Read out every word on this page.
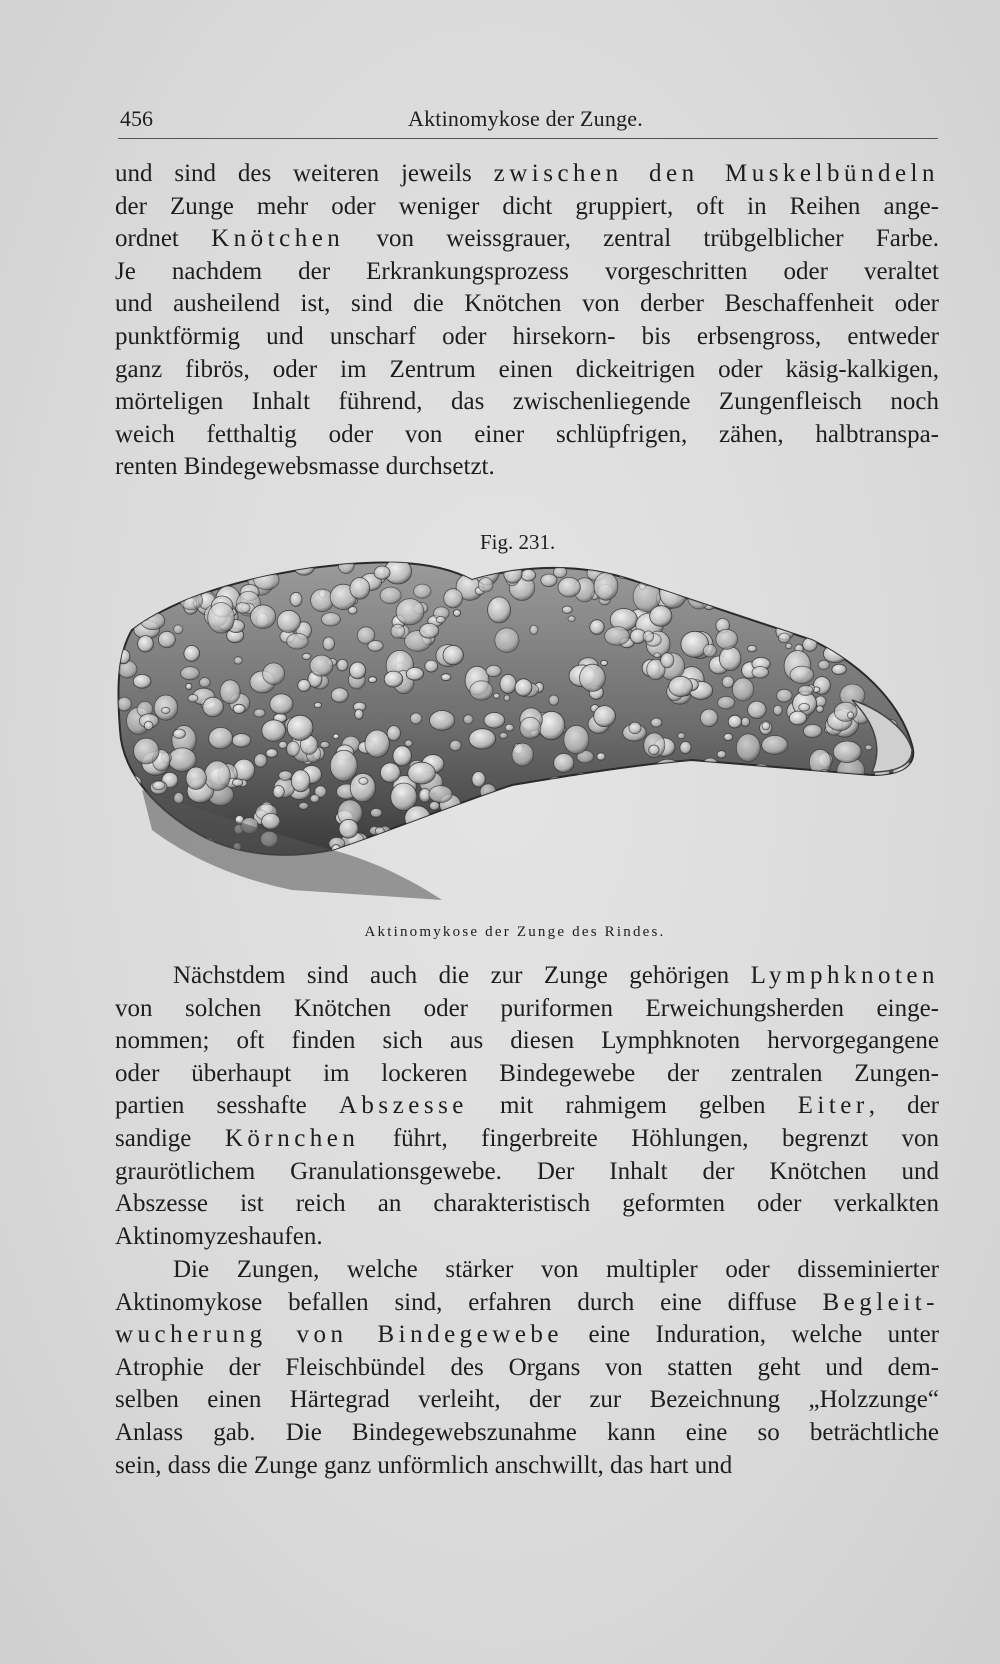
456	Aktinomykose der Zunge.
und sind des weiteren jeweils zwischen den Muskelbündeln
der Zunge mehr oder weniger dicht gruppiert, oft in Reihen ange-
ordnet Knötchen von weissgrauer, zentral trübgelblicher Farbe.
Je nachdem der Erkrankungsprozess vorgeschritten oder veraltet
und ausheilend ist, sind die Knötchen von derber Beschaffenheit oder
punktförmig und unscharf oder hirsekorn- bis erbsengross, entweder
ganz fibrös, oder im Zentrum einen dickeitrigen oder käsig-kalkigen,
mörteligen Inhalt führend, das zwischenliegende Zungenfleisch noch
weich fetthaltig oder von einer schlüpfrigen, zähen, halbtranspa-
renten Bindegewebsmasse durchsetzt.
Fig. 231.
Aktinomykose der Zunge des Rindes.
Nächstdem sind auch die zur Zunge gehörigen Lymphknoten
von solchen Knötchen oder puriformen Erweichungsherden einge-
nommen; oft finden sich aus diesen Lymphknoten hervorgegangene
oder überhaupt im lockeren Bindegewebe der zentralen Zungen-
partien sesshafte Abszesse mit rahmigem gelben Eiter, der
sandige Körnchen führt, fingerbreite Höhlungen, begrenzt von
graurötlichem Granulationsgewebe. Der Inhalt der Knötchen und
Abszesse ist reich an charakteristisch geformten oder verkalkten
Aktinomyzeshaufen.
Die Zungen, welche stärker von multipler oder disseminierter
Aktinomykose befallen sind, erfahren durch eine diffuse Begleit-
wucherung von Bindegewebe eine Induration, welche unter
Atrophie der Fleischbündel des Organs von statten geht und dem-
selben einen Härtegrad verleiht, der zur Bezeichnung „Holzzunge“
Anlass gab. Die Bindegewebszunahme kann eine so beträchtliche
sein, dass die Zunge ganz unförmlich anschwillt, das hart und
